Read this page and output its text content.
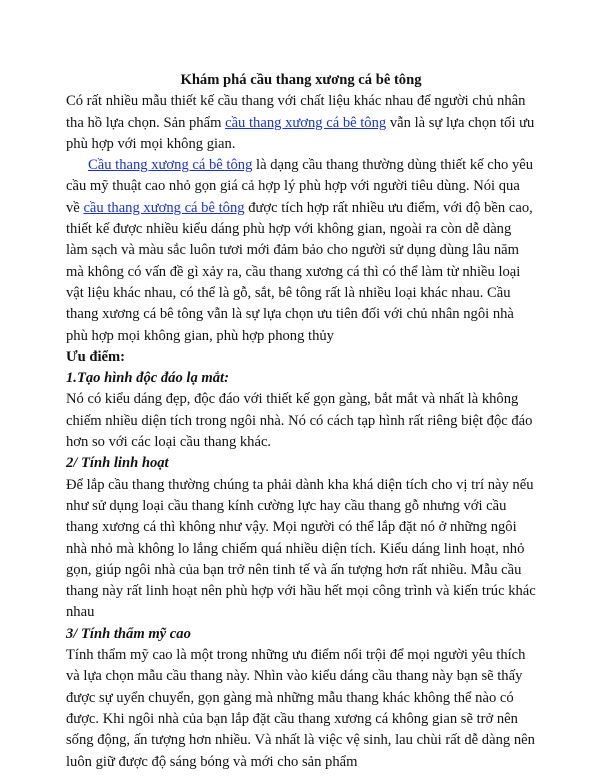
Khám phá cầu thang xương cá bê tông

Có rất nhiều mẫu thiết kế cầu thang với chất liệu khác nhau để người chủ nhân tha hồ lựa chọn. Sản phẩm cầu thang xương cá bê tông vẫn là sự lựa chọn tối ưu phù hợp với mọi không gian.

Cầu thang xương cá bê tông là dạng cầu thang thường dùng thiết kế cho yêu cầu mỹ thuật cao nhỏ gọn giá cả hợp lý phù hợp với người tiêu dùng. Nói qua về cầu thang xương cá bê tông được tích hợp rất nhiều ưu điểm, với độ bền cao, thiết kế được nhiều kiểu dáng phù hợp với không gian, ngoài ra còn dễ dàng làm sạch và màu sắc luôn tươi mới đảm bảo cho người sử dụng dùng lâu năm mà không có vấn đề gì xảy ra, cầu thang xương cá thì có thể làm từ nhiều loại vật liệu khác nhau, có thể là gỗ, sắt, bê tông rất là nhiều loại khác nhau. Cầu thang xương cá bê tông vẫn là sự lựa chọn ưu tiên đối với chủ nhân ngôi nhà phù hợp mọi không gian, phù hợp phong thủy

Ưu điểm:

1.Tạo hình độc đáo lạ mắt:

Nó có kiểu dáng đẹp, độc đáo với thiết kế gọn gàng, bắt mắt và nhất là không chiếm nhiều diện tích trong ngôi nhà. Nó có cách tạp hình rất riêng biệt độc đáo hơn so với các loại cầu thang khác.

2/ Tính linh hoạt

Để lắp cầu thang thường chúng ta phải dành kha khá diện tích cho vị trí này nếu như sử dụng loại cầu thang kính cường lực hay cầu thang gỗ nhưng với cầu thang xương cá thì không như vậy. Mọi người có thể lắp đặt nó ở những ngôi nhà nhỏ mà không lo lắng chiếm quá nhiều diện tích. Kiểu dáng linh hoạt, nhỏ gọn, giúp ngôi nhà của bạn trở nên tinh tế và ấn tượng hơn rất nhiều. Mẫu cầu thang này rất linh hoạt nên phù hợp với hầu hết mọi công trình và kiến trúc khác nhau

3/ Tính thẩm mỹ cao

Tính thẩm mỹ cao là một trong những ưu điểm nổi trội để mọi người yêu thích và lựa chọn mẫu cầu thang này. Nhìn vào kiểu dáng cầu thang này bạn sẽ thấy được sự uyển chuyển, gọn gàng mà những mẫu thang khác không thể nào có được. Khi ngôi nhà của bạn lắp đặt cầu thang xương cá không gian sẽ trở nên sống động, ấn tượng hơn nhiều. Và nhất là việc vệ sinh, lau chùi rất dễ dàng nên luôn giữ được độ sáng bóng và mới cho sản phẩm
